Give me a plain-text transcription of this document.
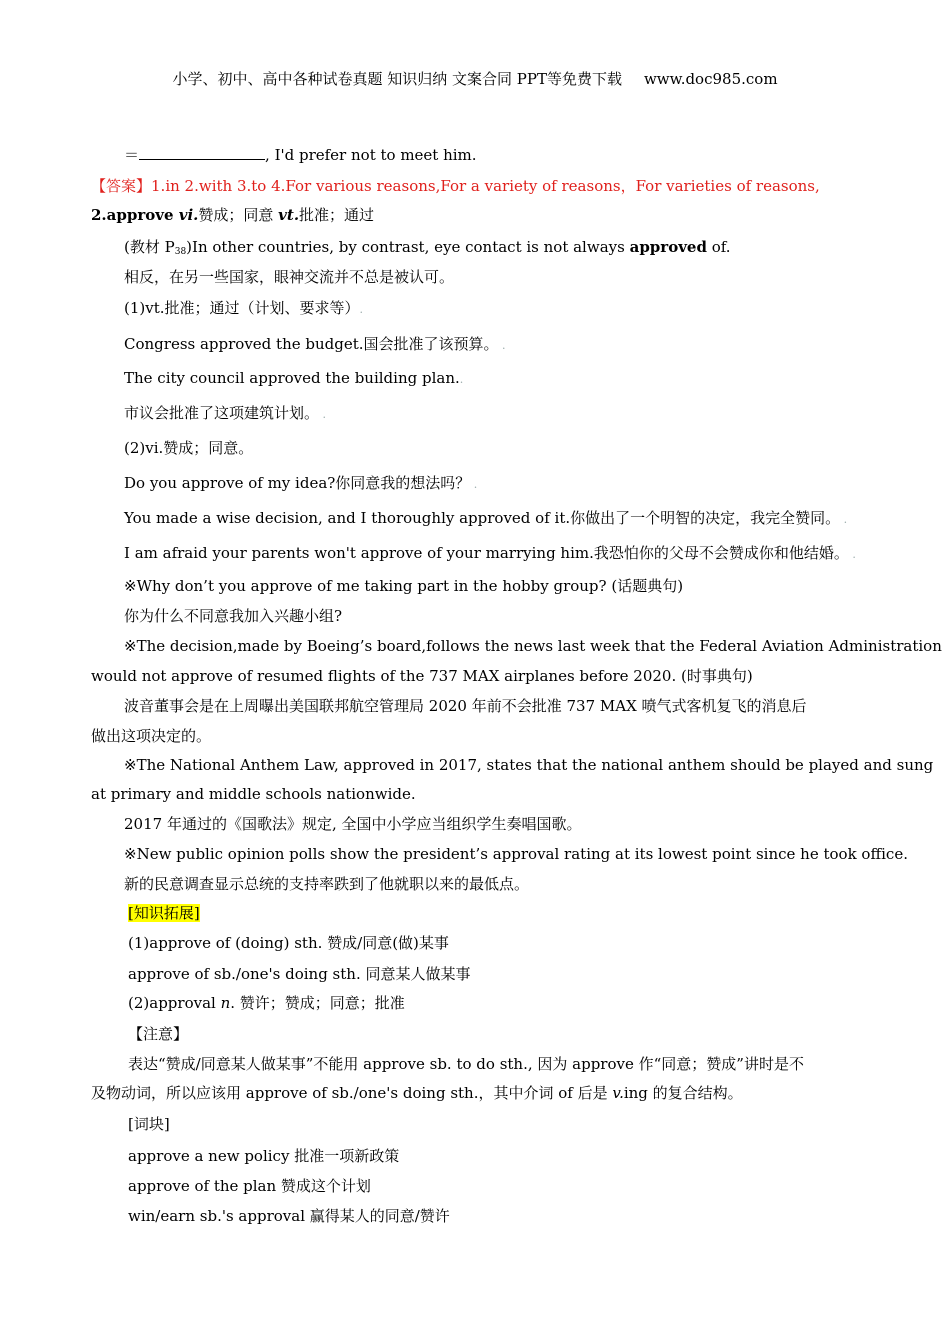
小学、初中、高中各种试卷真题 知识归纳 文案合同 PPT等免费下载 www.doc985.com
＝	, I'd prefer not to meet him.
【答案】1.in 2.with 3.to 4.For various reasons,For a variety of reasons，For varieties of reasons,
2.approve vi.赞成；同意 vt.批准；通过
(教材 $P_{38})In$ other countries, by contrast, eye contact is not always approved of.
相反，在另一些国家，眼神交流并不总是被认可。
(1)vt.批准；通过（计划、要求等）.
Congress approved the budget.国会批准了该预算。 .
The city council approved the building plan..
市议会批准了这项建筑计划。 .
(2)vi.赞成；同意。
Do you approve of my idea?你同意我的想法吗？ .
You made a wise decision, and I thoroughly approved of it.你做出了一个明智的决定，我完全赞同。 .
I am afraid your parents won't approve of your marrying him.我恐怕你的父母不会赞成你和他结婚。 .
※Why don’t you approve of me taking part in the hobby group? (话题典句)
你为什么不同意我加入兴趣小组?
※The decision,made by Boeing’s board,follows the news last week that the Federal Aviation Administration
would not approve of resumed flights of the 737 MAX airplanes before 2020. (时事典句)
波音董事会是在上周曝出美国联邦航空管理局 2020 年前不会批准 737 MAX 喷气式客机复飞的消息后
做出这项决定的。
※The National Anthem Law, approved in 2017, states that the national anthem should be played and sung
at primary and middle schools nationwide.
2017 年通过的《国歌法》规定, 全国中小学应当组织学生奏唱国歌。
※New public opinion polls show the president’s approval rating at its lowest point since he took office.
新的民意调查显示总统的支持率跌到了他就职以来的最低点。
[知识拓展]
(1)approve of (doing) sth. 赞成/同意(做)某事
approve of sb./one's doing sth. 同意某人做某事
(2)approval n. 赞许；赞成；同意；批准
【注意】
表达“赞成/同意某人做某事”不能用 approve sb. to do sth., 因为 approve 作“同意；赞成”讲时是不
及物动词，所以应该用 approve of sb./one's doing sth.，其中介词 of 后是 v.ing 的复合结构。
[词块]
approve a new policy 批准一项新政策
approve of the plan 赞成这个计划
win/earn sb.'s approval 赢得某人的同意/赞许
